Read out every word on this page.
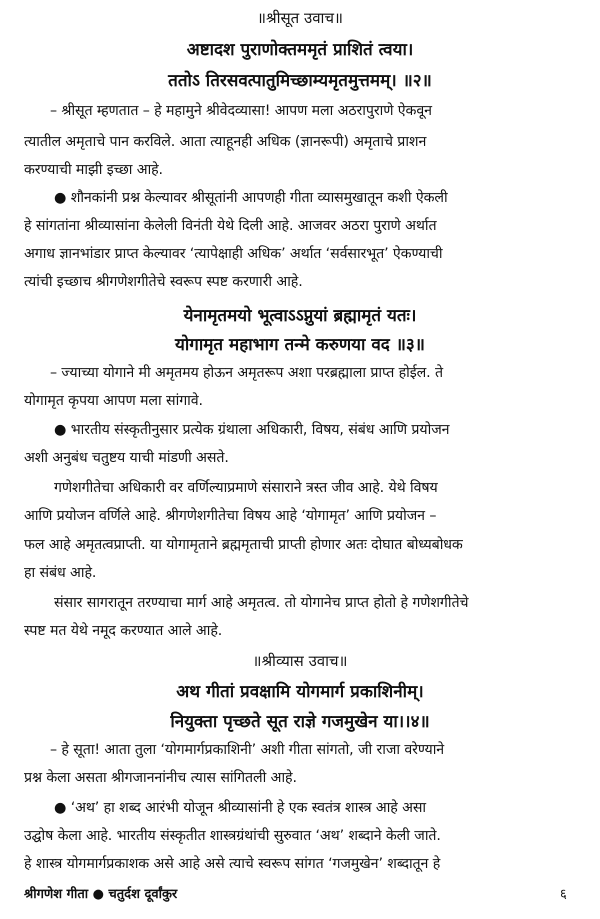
॥श्रीसूत उवाच॥
अष्टादश पुराणोक्तममृतं प्राशितं त्वया।
ततोऽ तिरसवत्पातुमिच्छाम्यमृतमुत्तमम्। ॥२॥
– श्रीसूत म्हणतात – हे महामुने श्रीवेदव्यासा! आपण मला अठरापुराणे ऐकवून
त्यातील अमृताचे पान करविले. आता त्याहूनही अधिक (ज्ञानरूपी) अमृताचे प्राशन
करण्याची माझी इच्छा आहे.
● शौनकांनी प्रश्न केल्यावर श्रीसूतांनी आपणही गीता व्यासमुखातून कशी ऐकली
हे सांगतांना श्रीव्यासांना केलेली विनंती येथे दिली आहे. आजवर अठरा पुराणे अर्थात
अगाध ज्ञानभांडार प्राप्त केल्यावर ‘त्यापेक्षाही अधिक’ अर्थात ‘सर्वसारभूत’ ऐकण्याची
त्यांची इच्छाच श्रीगणेशगीतेचे स्वरूप स्पष्ट करणारी आहे.
येनामृतमयो भूत्वाऽऽप्नुयां ब्रह्मामृतं यतः।
योगामृत महाभाग तन्मे करुणया वद ॥३॥
– ज्याच्या योगाने मी अमृतमय होऊन अमृतरूप अशा परब्रह्माला प्राप्त होईल. ते
योगामृत कृपया आपण मला सांगावे.
● भारतीय संस्कृतीनुसार प्रत्येक ग्रंथाला अधिकारी, विषय, संबंध आणि प्रयोजन
अशी अनुबंध चतुष्टय याची मांडणी असते.
गणेशगीतेचा अधिकारी वर वर्णिल्याप्रमाणे संसाराने त्रस्त जीव आहे. येथे विषय
आणि प्रयोजन वर्णिले आहे. श्रीगणेशगीतेचा विषय आहे ‘योगामृत’ आणि प्रयोजन –
फल आहे अमृतत्वप्राप्ती. या योगामृताने ब्रह्ममृताची प्राप्ती होणार अतः दोघात बोध्यबोधक
हा संबंध आहे.
संसार सागरातून तरण्याचा मार्ग आहे अमृतत्व. तो योगानेच प्राप्त होतो हे गणेशगीतेचे
स्पष्ट मत येथे नमूद करण्यात आले आहे.
॥श्रीव्यास उवाच॥
अथ गीतां प्रवक्षामि योगमार्ग प्रकाशिनीम्।
नियुक्ता पृच्छते सूत राज्ञे गजमुखेन या।।४॥
– हे सूता! आता तुला ‘योगमार्गप्रकाशिनी’ अशी गीता सांगतो, जी राजा वरेण्याने
प्रश्न केला असता श्रीगजाननांनीच त्यास सांगितली आहे.
● ‘अथ’ हा शब्द आरंभी योजून श्रीव्यासांनी हे एक स्वतंत्र शास्त्र आहे असा
उद्घोष केला आहे. भारतीय संस्कृतीत शास्त्रग्रंथांची सुरुवात ‘अथ’ शब्दाने केली जाते.
हे शास्त्र योगमार्गप्रकाशक असे आहे असे त्याचे स्वरूप सांगत ‘गजमुखेन’ शब्दातून हे
श्रीगणेश गीता ● चतुर्दश दूर्वांकुर	६
